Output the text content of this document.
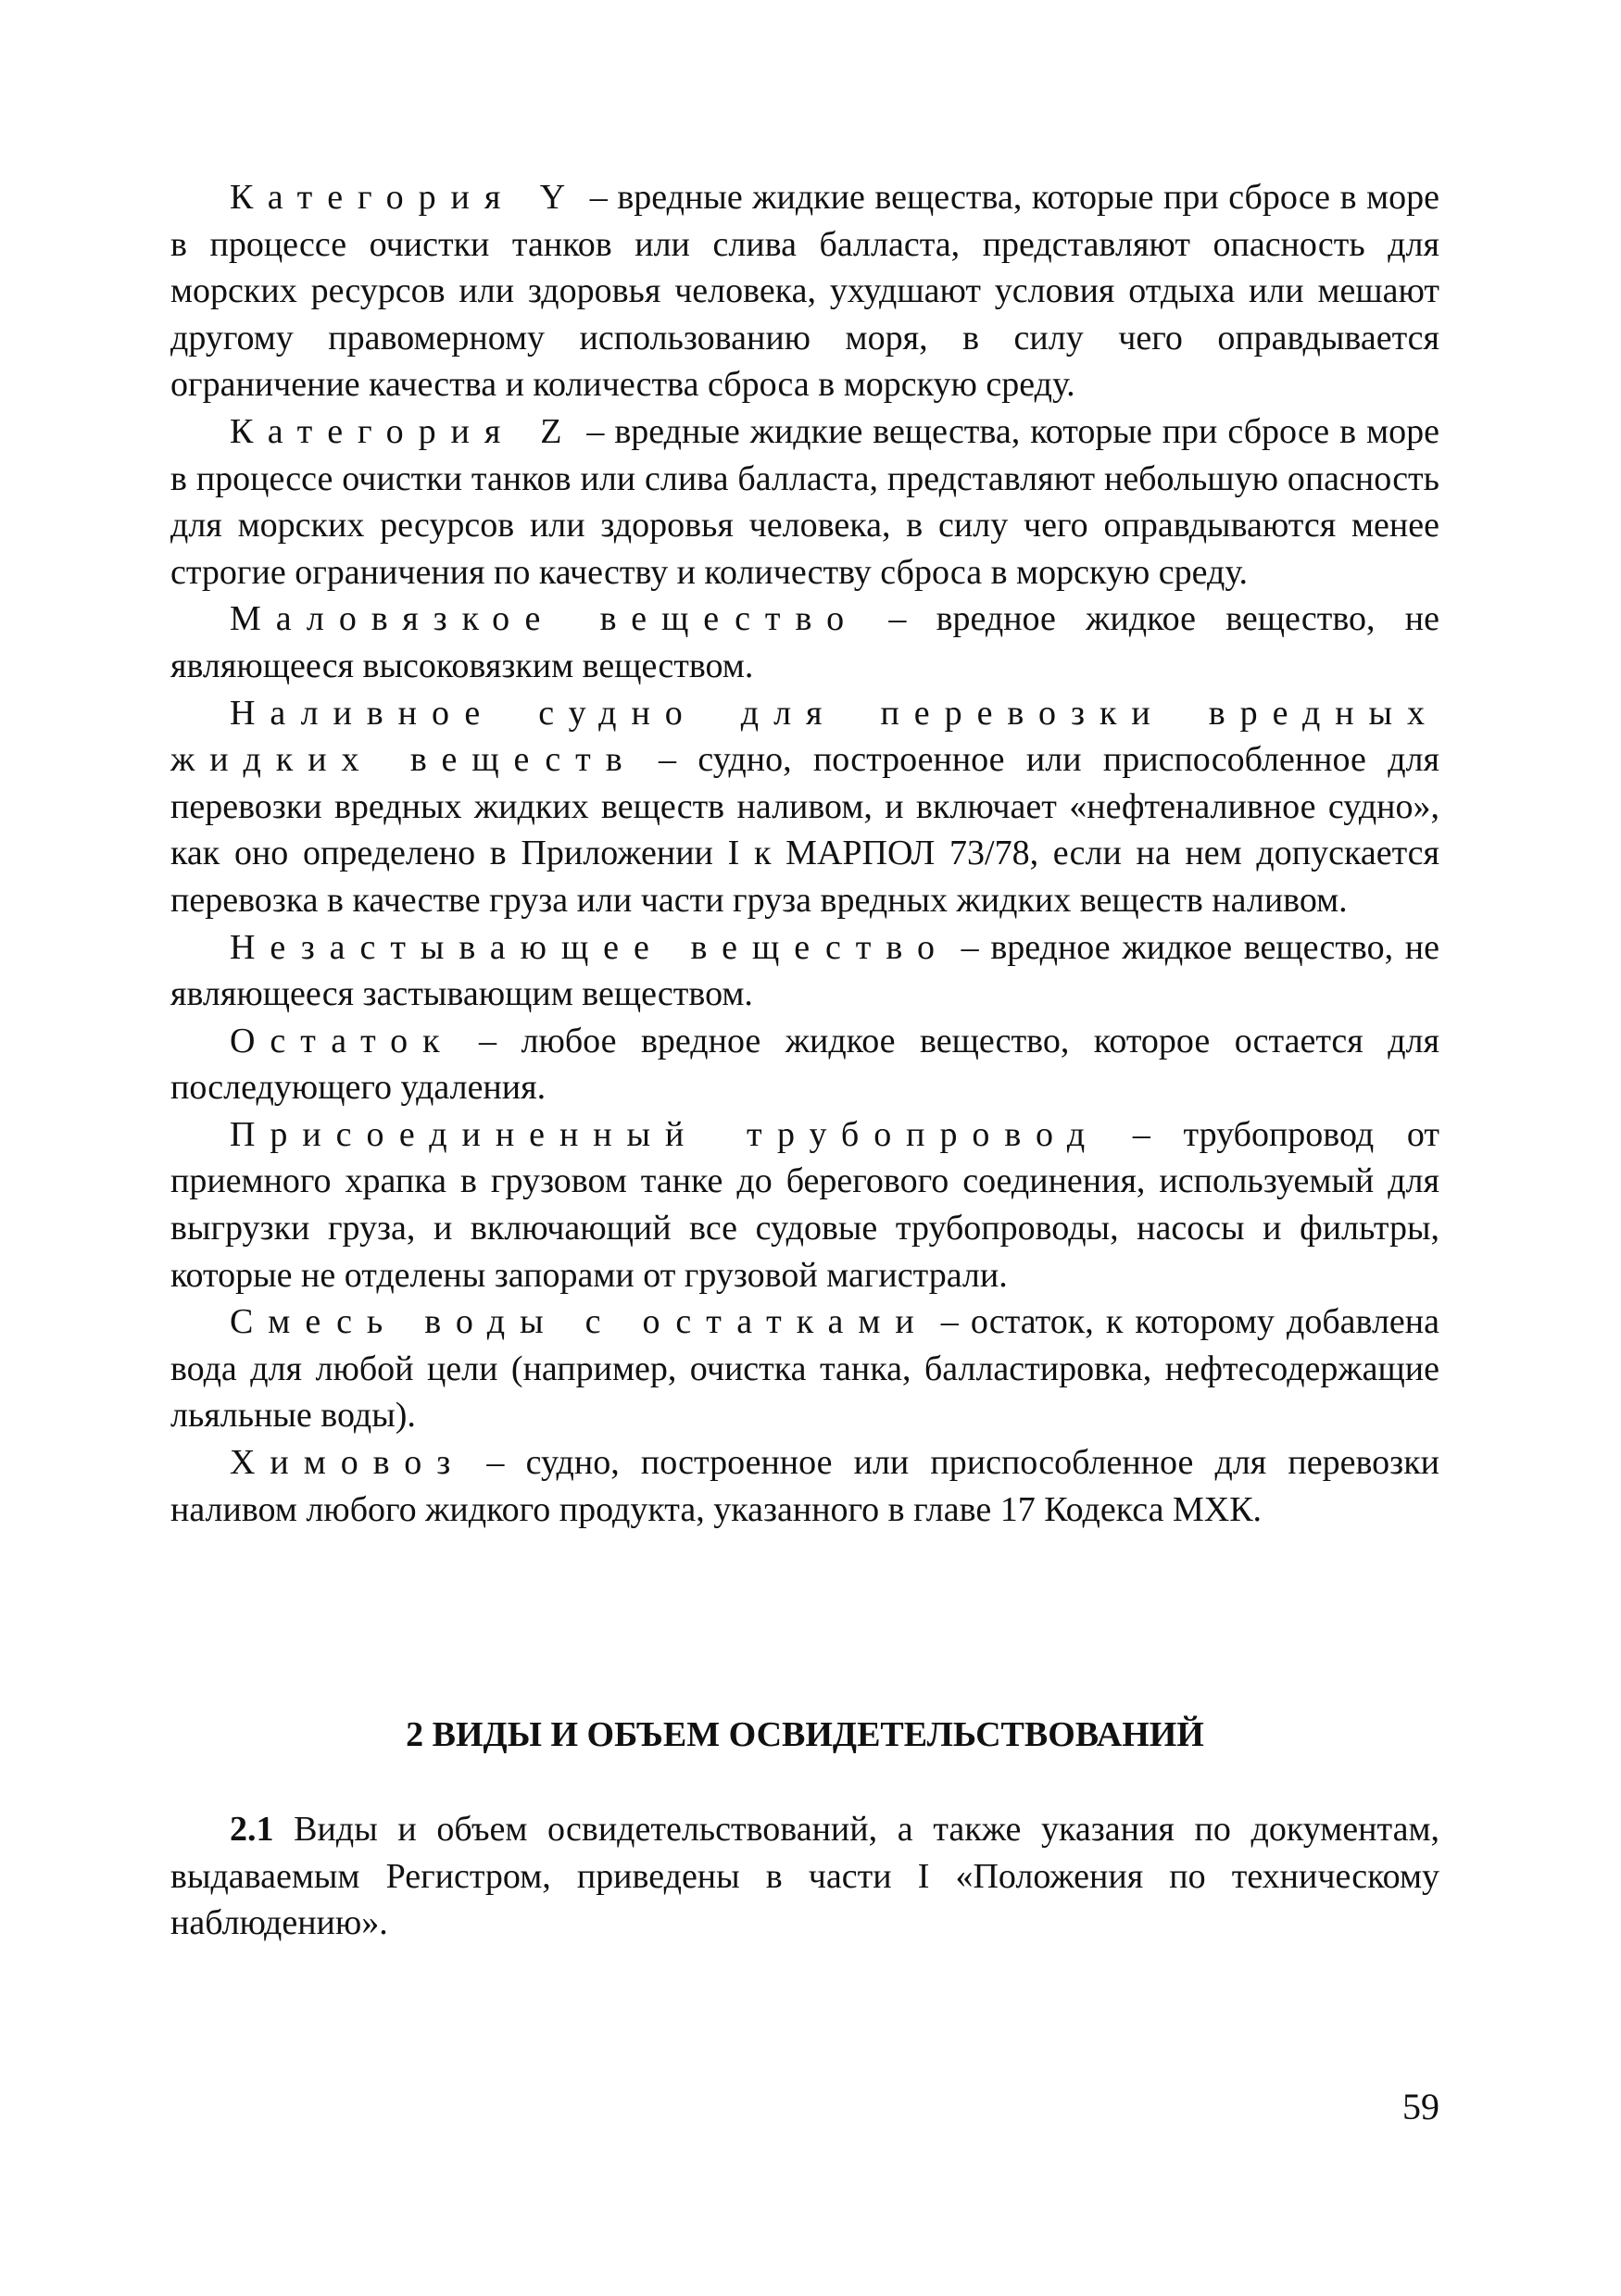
Категория Y – вредные жидкие вещества, которые при сбросе в море в процессе очистки танков или слива балласта, представляют опасность для морских ресурсов или здоровья человека, ухудшают условия отдыха или мешают другому правомерному использованию моря, в силу чего оправдывается ограничение качества и количества сброса в морскую среду.

Категория Z – вредные жидкие вещества, которые при сбросе в море в процессе очистки танков или слива балласта, представляют небольшую опасность для морских ресурсов или здоровья человека, в силу чего оправдываются менее строгие ограничения по качеству и количеству сброса в морскую среду.

Маловязкое вещество – вредное жидкое вещество, не являющееся высоковязким веществом.

Наливное судно для перевозки вредных жидких веществ – судно, построенное или приспособленное для перевозки вредных жидких веществ наливом, и включает «нефтеналивное судно», как оно определено в Приложении I к МАРПОЛ 73/78, если на нем допускается перевозка в качестве груза или части груза вредных жидких веществ наливом.

Незастывающее вещество – вредное жидкое вещество, не являющееся застывающим веществом.

Остаток – любое вредное жидкое вещество, которое остается для последующего удаления.

Присоединенный трубопровод – трубопровод от приемного храпка в грузовом танке до берегового соединения, используемый для выгрузки груза, и включающий все судовые трубопроводы, насосы и фильтры, которые не отделены запорами от грузовой магистрали.

Смесь воды с остатками – остаток, к которому добавлена вода для любой цели (например, очистка танка, балластировка, нефтесодержащие льяльные воды).

Химовоз – судно, построенное или приспособленное для перевозки наливом любого жидкого продукта, указанного в главе 17 Кодекса МХК.

2 ВИДЫ И ОБЪЕМ ОСВИДЕТЕЛЬСТВОВАНИЙ

2.1 Виды и объем освидетельствований, а также указания по документам, выдаваемым Регистром, приведены в части I «Положения по техническому наблюдению».

59
